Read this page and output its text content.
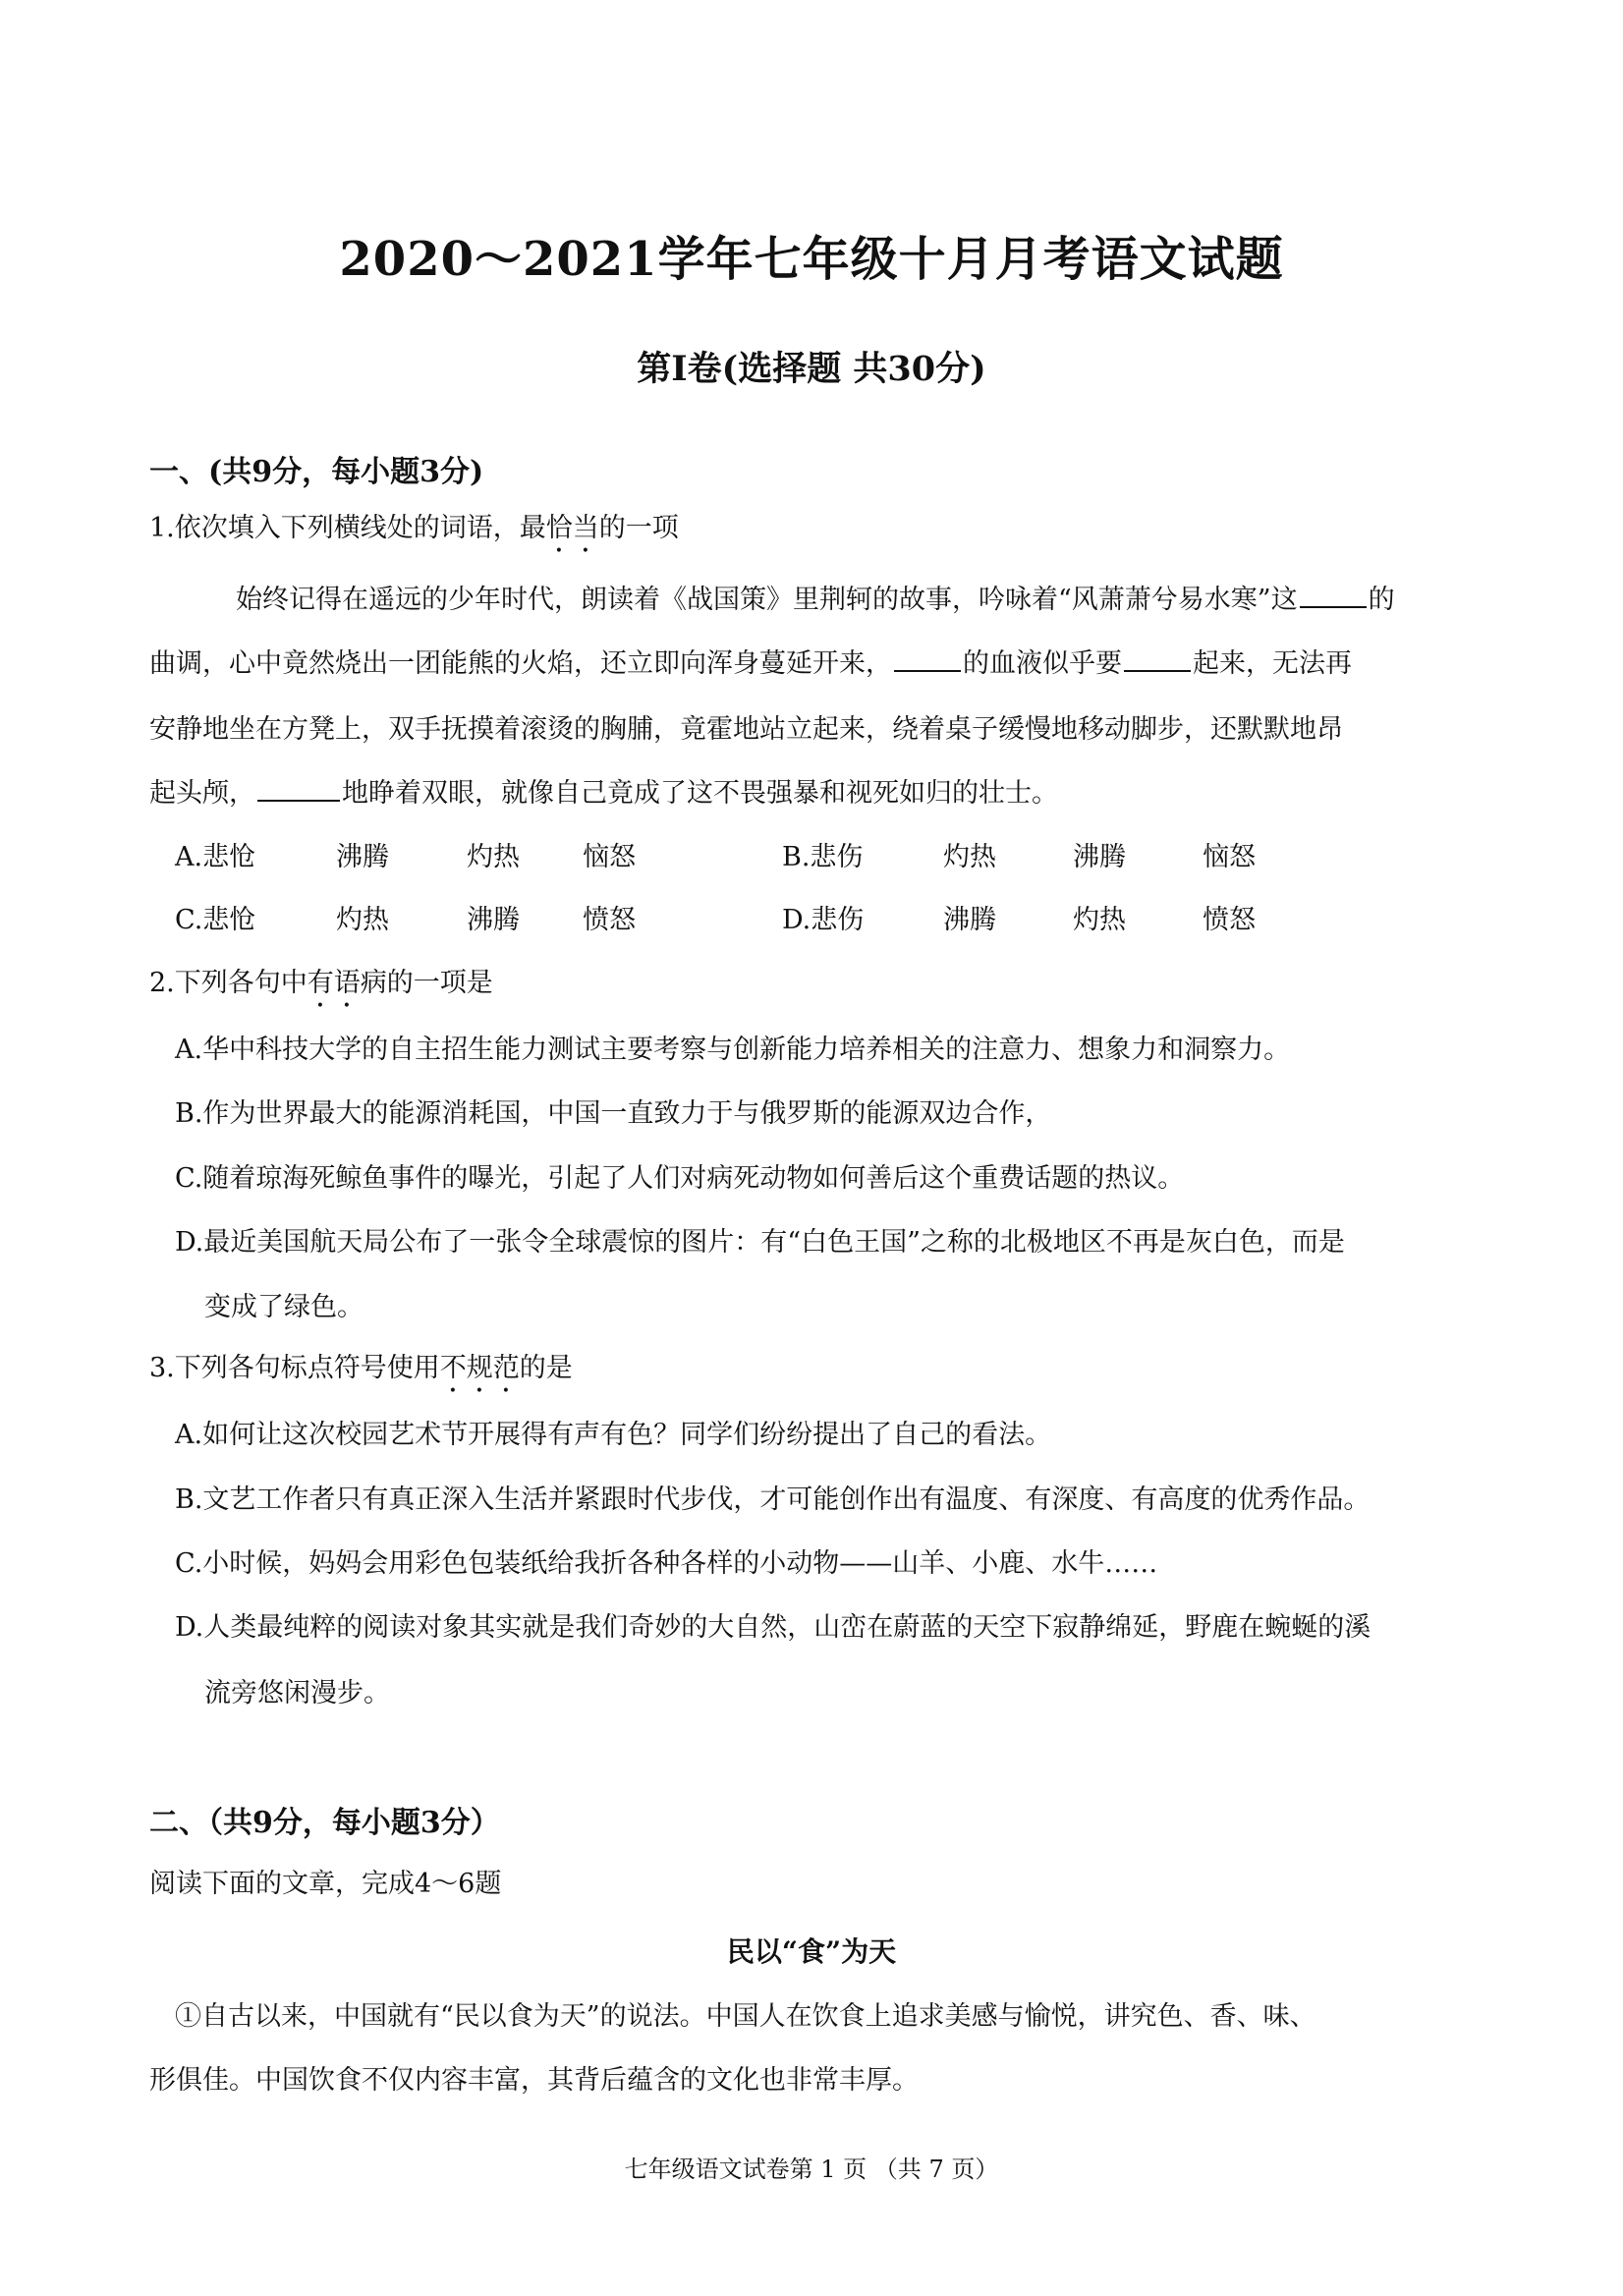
2020～2021学年七年级十月月考语文试题
第Ⅰ卷(选择题 共30分)
一、(共9分，每小题3分)
1.依次填入下列横线处的词语，最恰当的一项
始终记得在遥远的少年时代，朗读着《战国策》里荆轲的故事，吟咏着“风萧萧兮易水寒”这	的
曲调，心中竟然烧出一团能熊的火焰，还立即向浑身蔓延开来，	的血液似乎要	起来，无法再
安静地坐在方凳上，双手抚摸着滚烫的胸脯，竟霍地站立起来，绕着桌子缓慢地移动脚步，还默默地昂
起头颅，	地睁着双眼，就像自己竟成了这不畏强暴和视死如归的壮士。
A.悲怆	沸腾	灼热 恼怒	B.悲伤	灼热	沸腾	恼怒
C.悲怆	灼热	沸腾 愤怒	D.悲伤	沸腾	灼热	愤怒
2.下列各句中有语病的一项是
A.华中科技大学的自主招生能力测试主要考察与创新能力培养相关的注意力、想象力和洞察力。
B.作为世界最大的能源消耗国，中国一直致力于与俄罗斯的能源双边合作，
C.随着琼海死鲸鱼事件的曝光，引起了人们对病死动物如何善后这个重费话题的热议。
D.最近美国航天局公布了一张令全球震惊的图片：有“白色王国”之称的北极地区不再是灰白色，而是
变成了绿色。
3.下列各句标点符号使用不规范的是
A.如何让这次校园艺术节开展得有声有色？同学们纷纷提出了自己的看法。
B.文艺工作者只有真正深入生活并紧跟时代步伐，才可能创作出有温度、有深度、有高度的优秀作品。
C.小时候，妈妈会用彩色包装纸给我折各种各样的小动物——山羊、小鹿、水牛……
D.人类最纯粹的阅读对象其实就是我们奇妙的大自然，山峦在蔚蓝的天空下寂静绵延，野鹿在蜿蜒的溪
流旁悠闲漫步。
二、（共9分，每小题3分）
阅读下面的文章，完成4～6题
民以“食”为天
①自古以来，中国就有“民以食为天”的说法。中国人在饮食上追求美感与愉悦，讲究色、香、味、
形俱佳。中国饮食不仅内容丰富，其背后蕴含的文化也非常丰厚。
七年级语文试卷第 1 页 （共 7 页）
